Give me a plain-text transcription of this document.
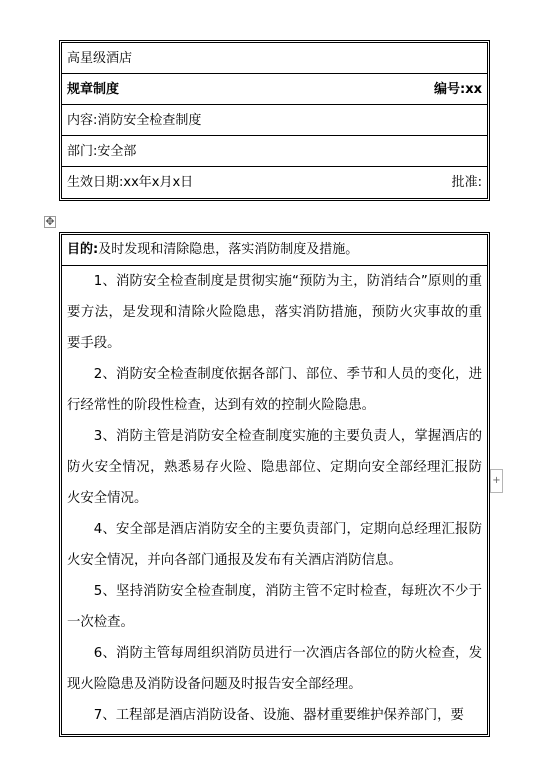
高星级酒店
规章制度	编号:xx
内容:消防安全检查制度
部门:安全部
生效日期:xx年x月x日	批准:
✥
目的:及时发现和清除隐患，落实消防制度及措施。

1、消防安全检查制度是贯彻实施“预防为主，防消结合”原则的重要方法，是发现和清除火险隐患，落实消防措施，预防火灾事故的重要手段。

2、消防安全检查制度依据各部门、部位、季节和人员的变化，进行经常性的阶段性检查，达到有效的控制火险隐患。

3、消防主管是消防安全检查制度实施的主要负责人，掌握酒店的防火安全情况，熟悉易存火险、隐患部位、定期向安全部经理汇报防火安全情况。

4、安全部是酒店消防安全的主要负责部门，定期向总经理汇报防火安全情况，并向各部门通报及发布有关酒店消防信息。

5、坚持消防安全检查制度，消防主管不定时检查，每班次不少于一次检查。

6、消防主管每周组织消防员进行一次酒店各部位的防火检查，发现火险隐患及消防设备问题及时报告安全部经理。

7、工程部是酒店消防设备、设施、器材重要维护保养部门，要

+
